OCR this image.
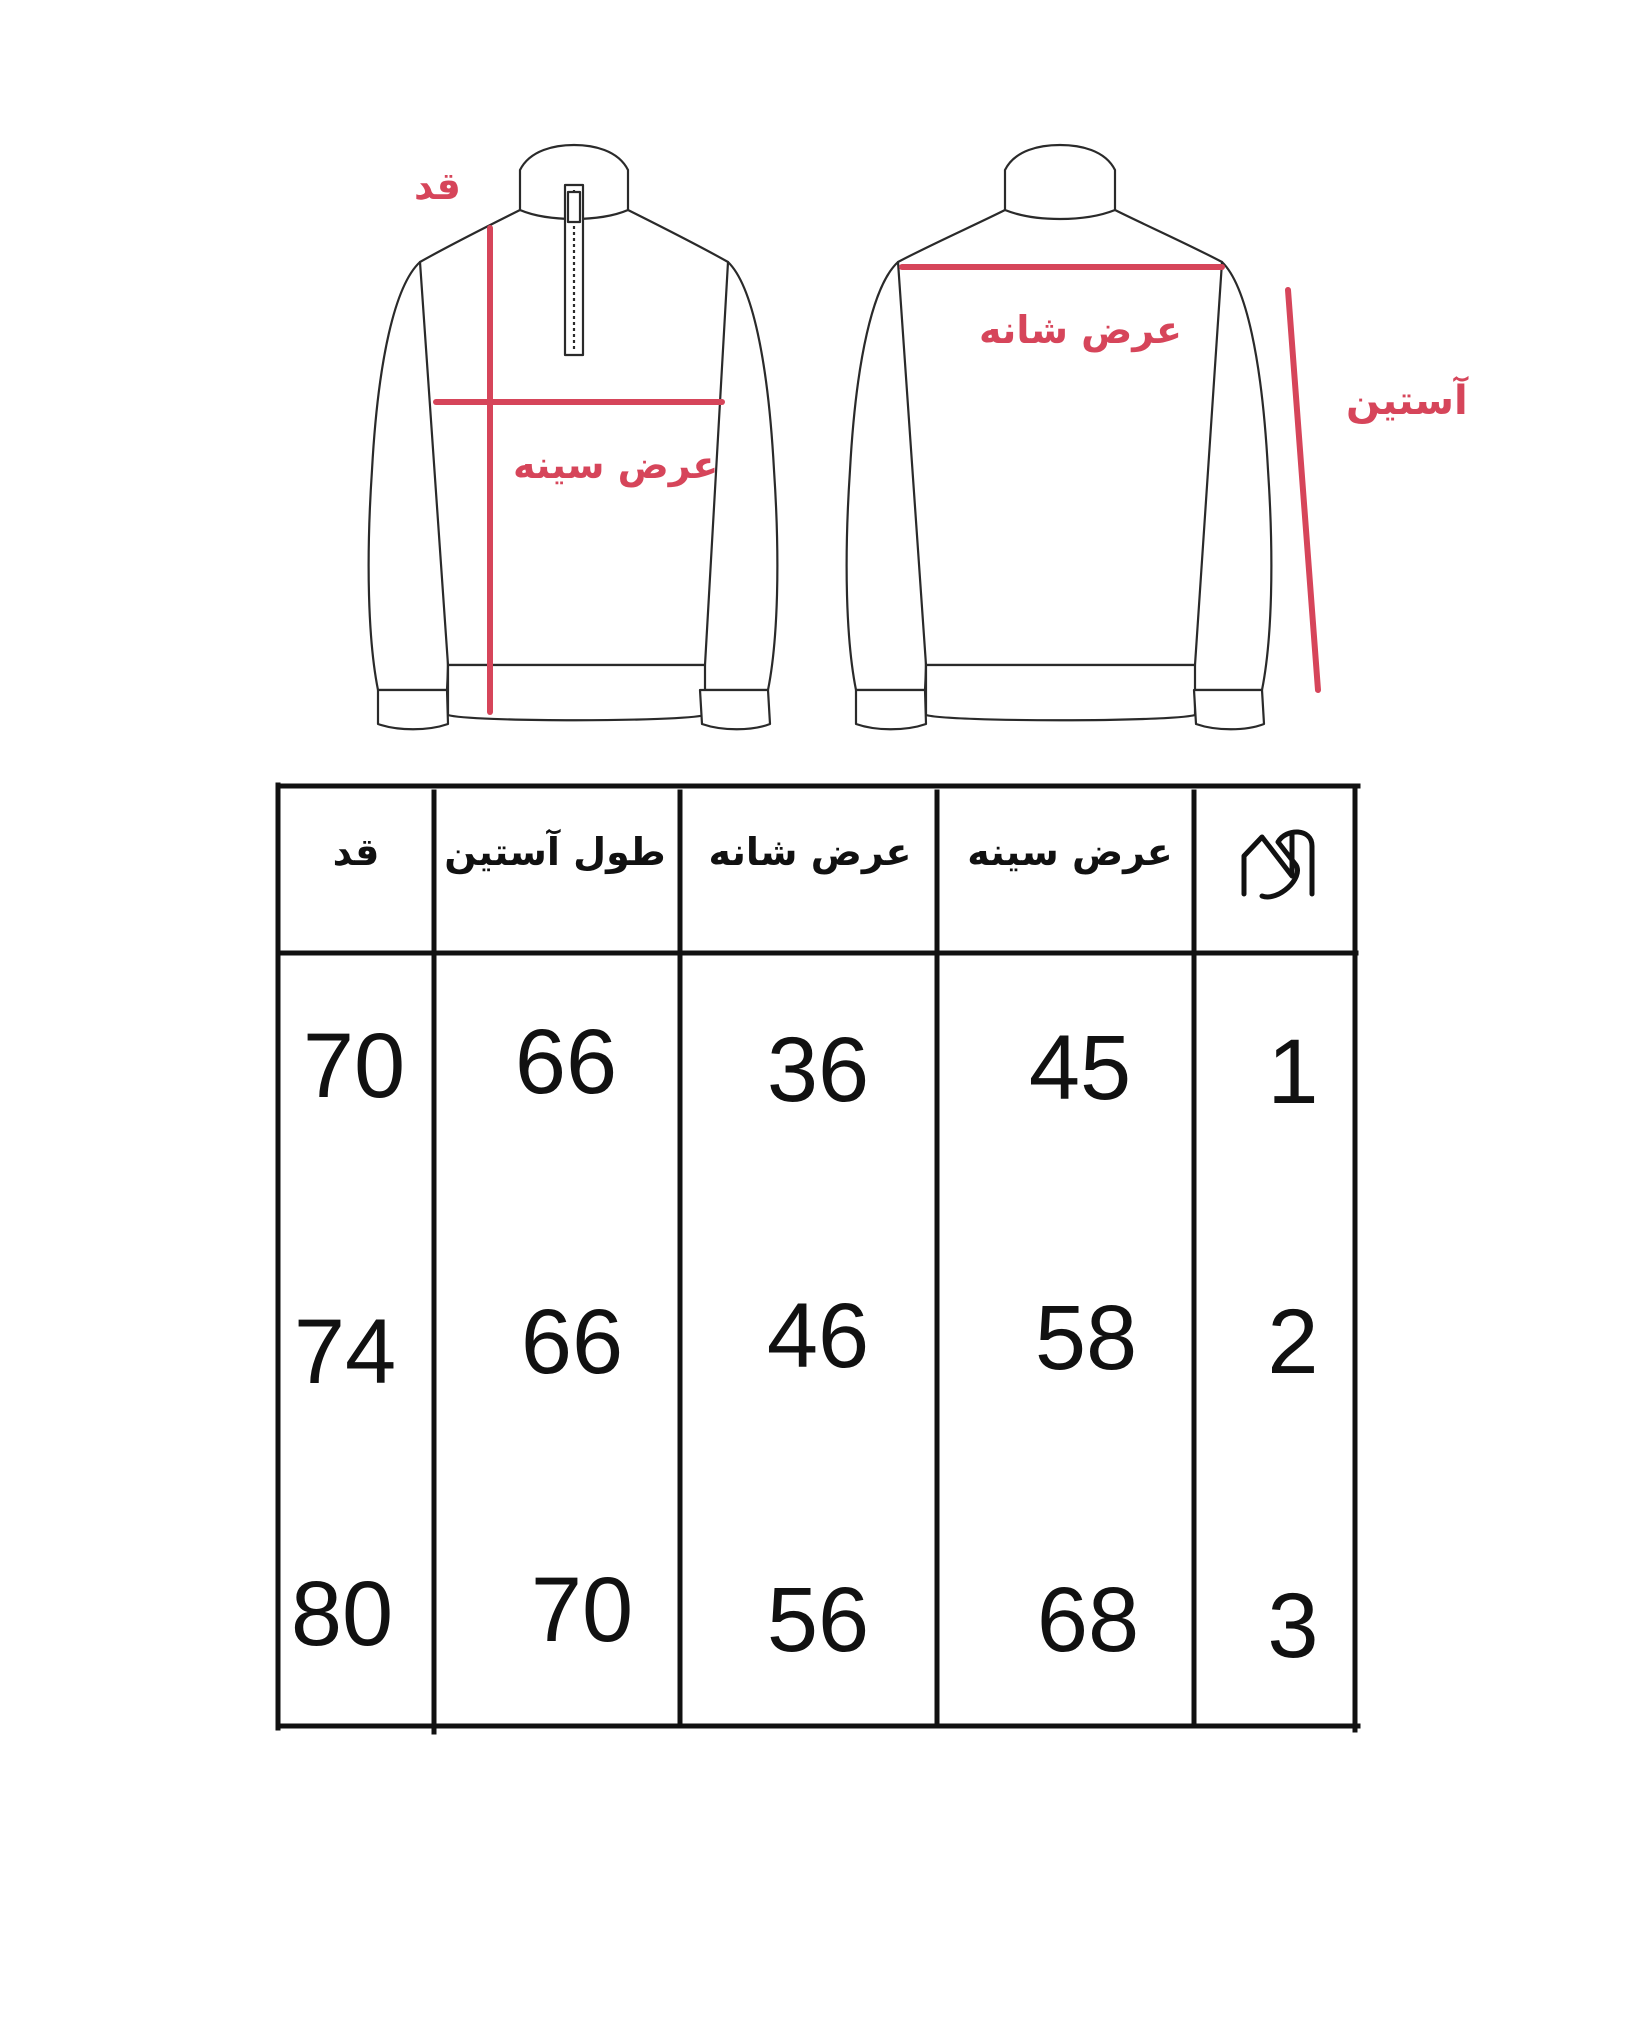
قد
عرض سینه
عرض شانه
آستین
قد طول آستین عرض شانه عرض سینه
70 66 36 45 1
74 66 46 58 2
80 70 56 68 3
